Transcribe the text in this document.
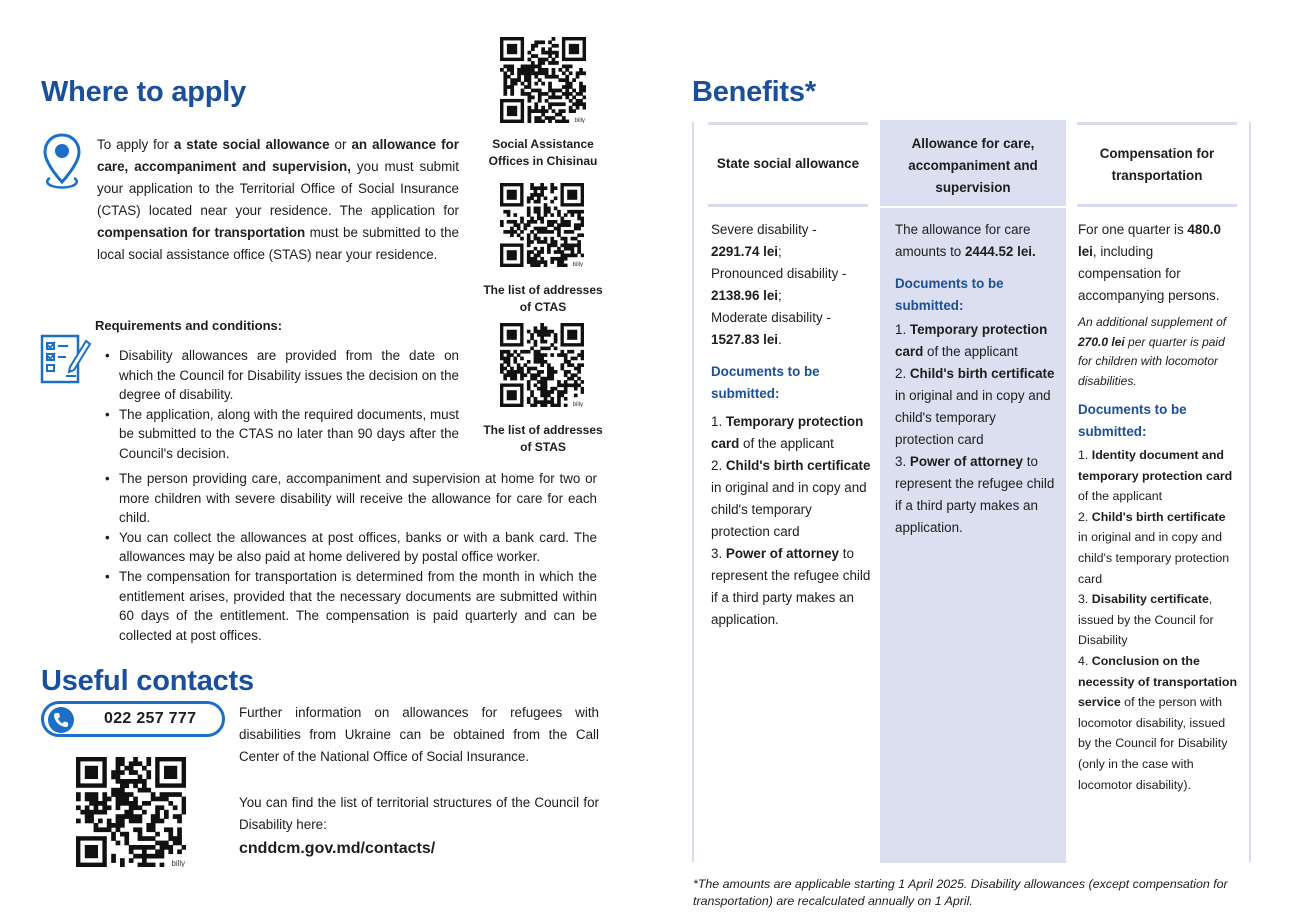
Where to apply
To apply for a state social allowance or an allowance for care, accompaniment and supervision, you must submit your application to the Territorial Office of Social Insurance (CTAS) located near your residence. The application for compensation for transportation must be submitted to the local social assistance office (STAS) near your residence.
Requirements and conditions:
• Disability allowances are provided from the date on which the Council for Disability issues the decision on the degree of disability.
• The application, along with the required documents, must be submitted to the CTAS no later than 90 days after the Council's decision.
• The person providing care, accompaniment and supervision at home for two or more children with severe disability will receive the allowance for care for each child.
• You can collect the allowances at post offices, banks or with a bank card. The allowances may be also paid at home delivered by postal office worker.
• The compensation for transportation is determined from the month in which the entitlement arises, provided that the necessary documents are submitted within 60 days of the entitlement. The compensation is paid quarterly and can be collected at post offices.
billy
Social Assistance Offices in Chisinau
billy
The list of addresses of CTAS
billy
The list of addresses of STAS
Useful contacts
022 257 777
billy
Further information on allowances for refugees with disabilities from Ukraine can be obtained from the Call Center of the National Office of Social Insurance.
You can find the list of territorial structures of the Council for Disability here:
cnddcm.gov.md/contacts/
Benefits*
State social allowance
Allowance for care, accompaniment and supervision
Compensation for transportation
Severe disability -
2291.74 lei;
Pronounced disability -
2138.96 lei;
Moderate disability -
1527.83 lei.
Documents to be submitted:
1. Temporary protection card of the applicant
2. Child's birth certificate in original and in copy and child's temporary protection card
3. Power of attorney to represent the refugee child if a third party makes an application.
The allowance for care amounts to 2444.52 lei.
Documents to be submitted:
1. Temporary protection card of the applicant
2. Child's birth certificate in original and in copy and child's temporary protection card
3. Power of attorney to represent the refugee child if a third party makes an application.
For one quarter is 480.0 lei, including compensation for accompanying persons.
An additional supplement of 270.0 lei per quarter is paid for children with locomotor disabilities.
Documents to be submitted:
1. Identity document and temporary protection card of the applicant
2. Child's birth certificate in original and in copy and child's temporary protection card
3. Disability certificate, issued by the Council for Disability
4. Conclusion on the necessity of transportation service of the person with locomotor disability, issued by the Council for Disability (only in the case with locomotor disability).
*The amounts are applicable starting 1 April 2025. Disability allowances (except compensation for transportation) are recalculated annually on 1 April.
